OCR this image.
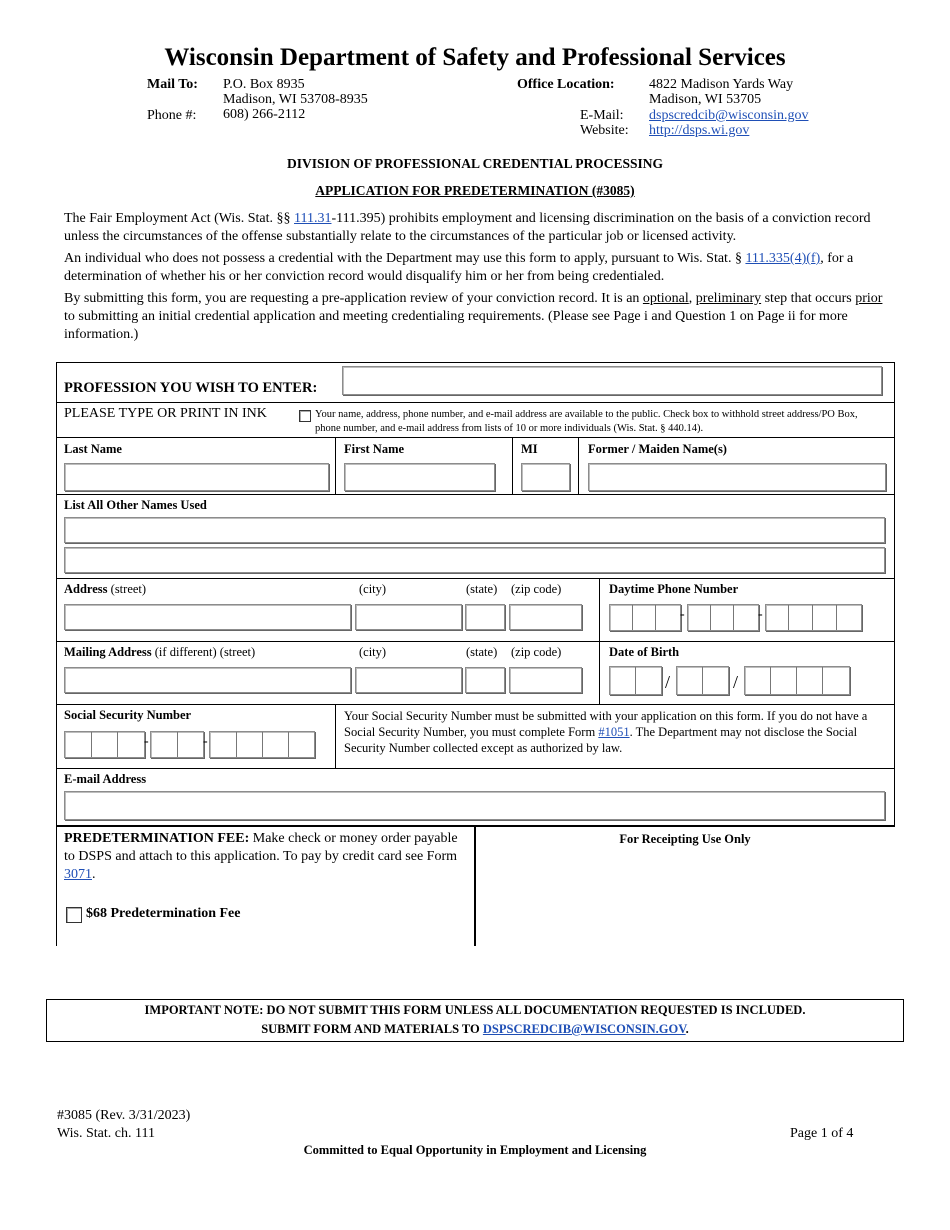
Wisconsin Department of Safety and Professional Services
Mail To: P.O. Box 8935
Madison, WI 53708-8935
Phone #: 608) 266-2112
Office Location: 4822 Madison Yards Way
Madison, WI 53705
E-Mail: dspscredcib@wisconsin.gov
Website: http://dsps.wi.gov
DIVISION OF PROFESSIONAL CREDENTIAL PROCESSING
APPLICATION FOR PREDETERMINATION (#3085)

The Fair Employment Act (Wis. Stat. §§ 111.31-111.395) prohibits employment and licensing discrimination on the basis of a conviction record unless the circumstances of the offense substantially relate to the circumstances of the particular job or licensed activity.

An individual who does not possess a credential with the Department may use this form to apply, pursuant to Wis. Stat. § 111.335(4)(f), for a determination of whether his or her conviction record would disqualify him or her from being credentialed.

By submitting this form, you are requesting a pre-application review of your conviction record. It is an optional, preliminary step that occurs prior to submitting an initial credential application and meeting credentialing requirements. (Please see Page i and Question 1 on Page ii for more information.)

PROFESSION YOU WISH TO ENTER:
PLEASE TYPE OR PRINT IN INK	Your name, address, phone number, and e-mail address are available to the public. Check box to withhold street address/PO Box, phone number, and e-mail address from lists of 10 or more individuals (Wis. Stat. § 440.14).
Last Name	First Name	MI	Former / Maiden Name(s)
List All Other Names Used
Address (street)	(city)	(state) (zip code)	Daytime Phone Number
-	-
Mailing Address (if different) (street)	(city)	(state) (zip code)	Date of Birth
/	/
Social Security Number
-	-
Your Social Security Number must be submitted with your application on this form. If you do not have a Social Security Number, you must complete Form #1051. The Department may not disclose the Social Security Number collected except as authorized by law.
E-mail Address
PREDETERMINATION FEE: Make check or money order payable to DSPS and attach to this application. To pay by credit card see Form 3071.
$68 Predetermination Fee
For Receipting Use Only
IMPORTANT NOTE: DO NOT SUBMIT THIS FORM UNLESS ALL DOCUMENTATION REQUESTED IS INCLUDED.
SUBMIT FORM AND MATERIALS TO DSPSCREDCIB@WISCONSIN.GOV.
#3085 (Rev. 3/31/2023)
Wis. Stat. ch. 111	Page 1 of 4
Committed to Equal Opportunity in Employment and Licensing
